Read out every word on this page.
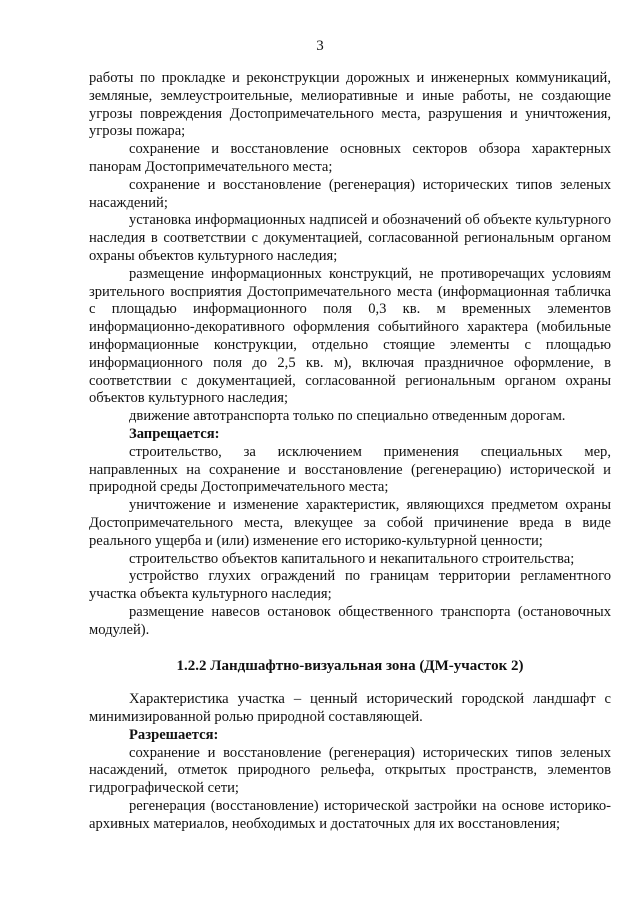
3

работы по прокладке и реконструкции дорожных и инженерных коммуникаций, земляные, землеустроительные, мелиоративные и иные работы, не создающие угрозы повреждения Достопримечательного места, разрушения и уничтожения, угрозы пожара;

сохранение и восстановление основных секторов обзора характерных панорам Достопримечательного места;

сохранение и восстановление (регенерация) исторических типов зеленых насаждений;

установка информационных надписей и обозначений об объекте культурного наследия в соответствии с документацией, согласованной региональным органом охраны объектов культурного наследия;

размещение информационных конструкций, не противоречащих условиям зрительного восприятия Достопримечательного места (информационная табличка с площадью информационного поля 0,3 кв. м временных элементов информационно-декоративного оформления событийного характера (мобильные информационные конструкции, отдельно стоящие элементы с площадью информационного поля до 2,5 кв. м), включая праздничное оформление, в соответствии с документацией, согласованной региональным органом охраны объектов культурного наследия;

движение автотранспорта только по специально отведенным дорогам.

Запрещается:

строительство, за исключением применения специальных мер, направленных на сохранение и восстановление (регенерацию) исторической и природной среды Достопримечательного места;

уничтожение и изменение характеристик, являющихся предметом охраны Достопримечательного места, влекущее за собой причинение вреда в виде реального ущерба и (или) изменение его историко-культурной ценности;

строительство объектов капитального и некапитального строительства;

устройство глухих ограждений по границам территории регламентного участка объекта культурного наследия;

размещение навесов остановок общественного транспорта (остановочных модулей).

1.2.2 Ландшафтно-визуальная зона (ДМ-участок 2)

Характеристика участка – ценный исторический городской ландшафт с минимизированной ролью природной составляющей.

Разрешается:

сохранение и восстановление (регенерация) исторических типов зеленых насаждений, отметок природного рельефа, открытых пространств, элементов гидрографической сети;

регенерация (восстановление) исторической застройки на основе историко-архивных материалов, необходимых и достаточных для их восстановления;
